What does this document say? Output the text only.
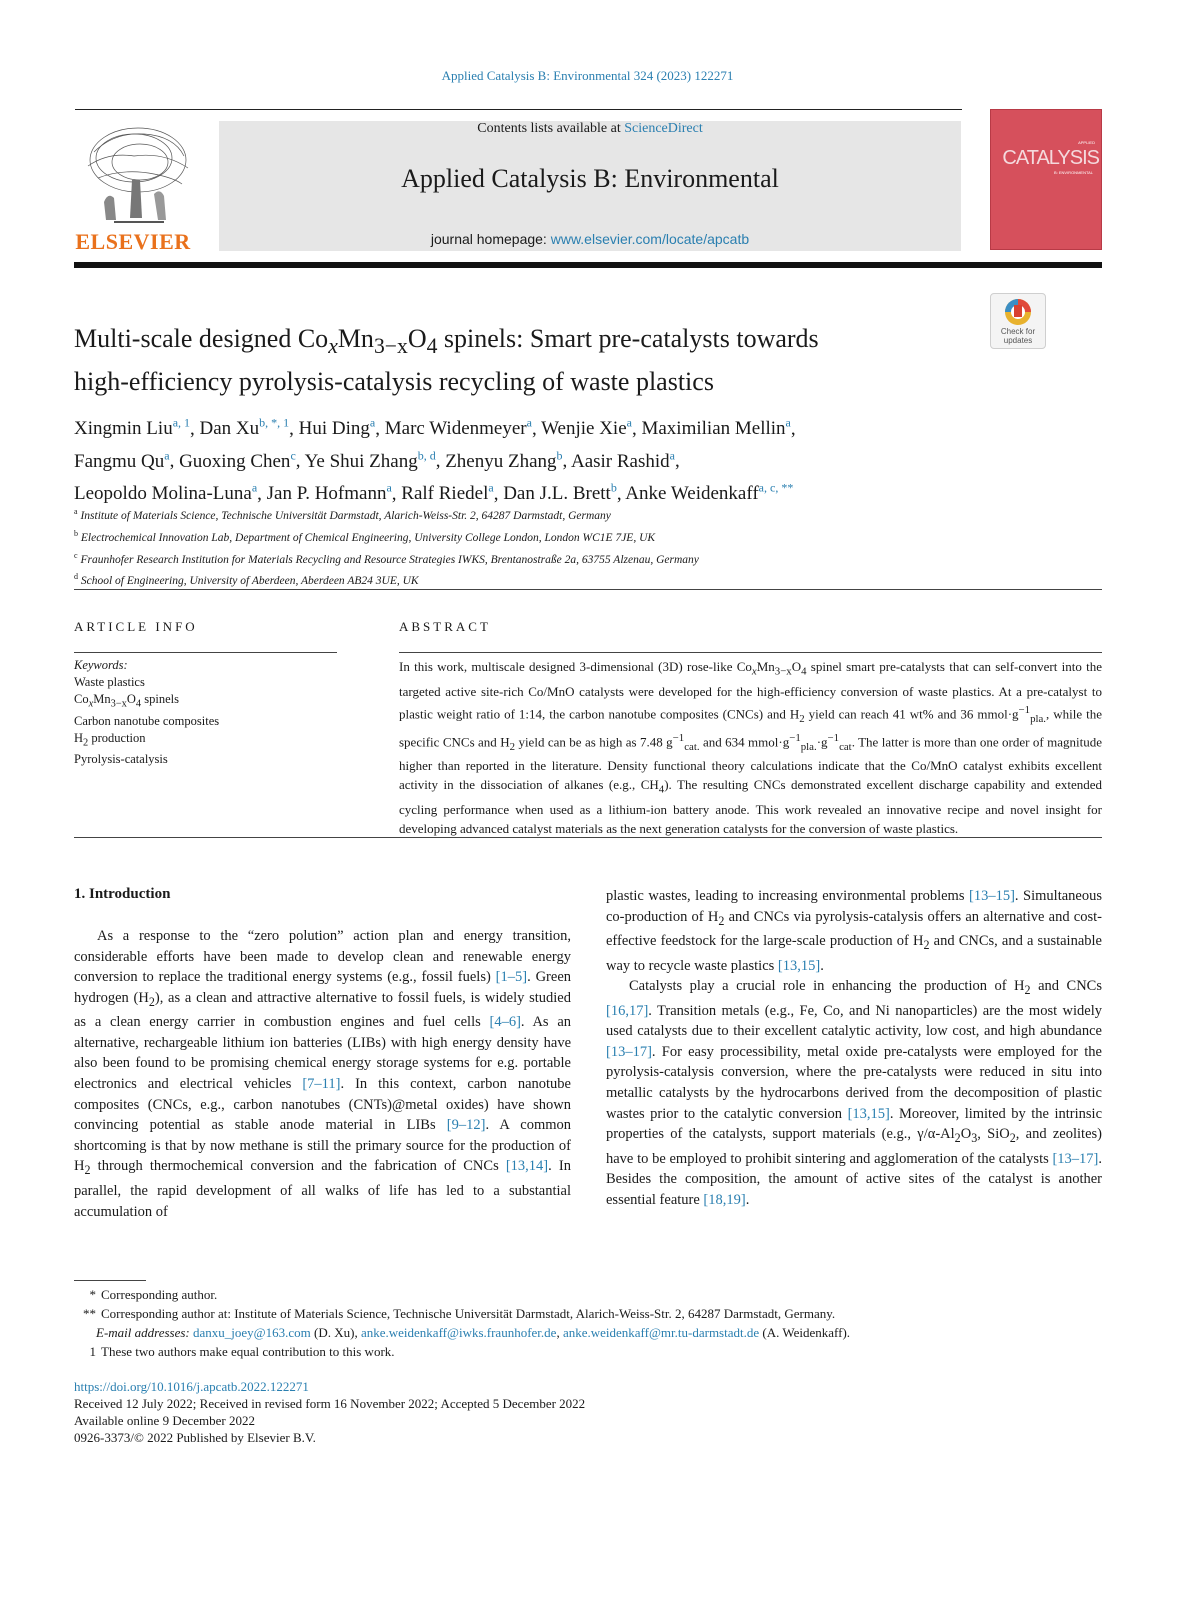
Applied Catalysis B: Environmental 324 (2023) 122271
ELSEVIER
Contents lists available at ScienceDirect
Applied Catalysis B: Environmental
journal homepage: www.elsevier.com/locate/apcatb
APPLIED
CATALYSIS
B: ENVIRONMENTAL
Multi-scale designed $Co_xMn_{3-x}O_4$ spinels: Smart pre-catalysts towards
high-efficiency pyrolysis-catalysis recycling of waste plastics
Check for updates
Xingmin Liu$^{a, 1}$, Dan $Xu^{b, *, 1}$, Hui Ding$^a$, Marc Widenmeyer$^a$, Wenjie Xie$^a$, Maximilian Mellin$^a$,
Fangmu Qu$^a$, Guoxing Chen$^c$, Ye Shui Zhang$^{b, d}$, Zhenyu Zhang$^b$, Aasir Rashid$^a$,
Leopoldo Molina-Luna$^a$, Jan P. Hofmann$^a$, Ralf Riedel$^a$, Dan J.L. Brett$^b$, Anke Weidenkaff$^{a, c, **}$
$^a$ Institute of Materials Science, Technische Universität Darmstadt, Alarich-Weiss-Str. 2, 64287 Darmstadt, Germany
$^b$ Electrochemical Innovation Lab, Department of Chemical Engineering, University College London, London WC1E 7JE, UK
$^c$ Fraunhofer Research Institution for Materials Recycling and Resource Strategies IWKS, Brentanostraße 2a, 63755 Alzenau, Germany
$^d$ School of Engineering, University of Aberdeen, Aberdeen AB24 3UE, UK
ARTICLE INFO	ABSTRACT
Keywords:
Waste plastics
$Co_xMn_{3-x}O_4$ spinels
Carbon nanotube composites
$H_2$ production
Pyrolysis-catalysis
In this work, multiscale designed 3-dimensional (3D) rose-like $Co_xMn_{3-x}O_4$ spinel smart pre-catalysts that can self-convert into the targeted active site-rich Co/MnO catalysts were developed for the high-efficiency conversion of waste plastics. At a pre-catalyst to plastic weight ratio of 1:14, the carbon nanotube composites (CNCs) and $H_2$ yield can reach 41 wt% and 36 $mmol\cdot g^{-1}_{pla.}$, while the specific CNCs and $H_2$ yield can be as high as 7.48 $g^{-1}_{cat.}$ and 634 $mmol\cdot g^{-1}_{pla.}\cdot g^{-1}_{cat}$. The latter is more than one order of magnitude higher than reported in the literature. Density functional theory calculations indicate that the Co/MnO catalyst exhibits excellent activity in the dissociation of alkanes (e.g., $CH_4$). The resulting CNCs demonstrated excellent discharge capability and extended cycling performance when used as a lithium-ion battery anode. This work revealed an innovative recipe and novel insight for developing advanced catalyst materials as the next generation catalysts for the conversion of waste plastics.
1. Introduction

As a response to the “zero polution” action plan and energy transition, considerable efforts have been made to develop clean and renewable energy conversion to replace the traditional energy systems (e.g., fossil fuels) [1–5]. Green hydrogen $(H_2)$, as a clean and attractive alternative to fossil fuels, is widely studied as a clean energy carrier in combustion engines and fuel cells [4–6]. As an alternative, rechargeable lithium ion batteries (LIBs) with high energy density have also been found to be promising chemical energy storage systems for e.g. portable electronics and electrical vehicles [7–11]. In this context, carbon nanotube composites (CNCs, e.g., carbon nanotubes (CNTs)@metal oxides) have shown convincing potential as stable anode material in LIBs [9–12]. A common shortcoming is that by now methane is still the primary source for the production of $H_2$ through thermochemical conversion and the fabrication of CNCs [13,14]. In parallel, the rapid development of all walks of life has led to a substantial accumulation of

plastic wastes, leading to increasing environmental problems [13–15]. Simultaneous co-production of $H_2$ and CNCs via pyrolysis-catalysis offers an alternative and cost-effective feedstock for the large-scale production of $H_2$ and CNCs, and a sustainable way to recycle waste plastics [13,15].

Catalysts play a crucial role in enhancing the production of $H_2$ and CNCs [16,17]. Transition metals (e.g., Fe, Co, and Ni nanoparticles) are the most widely used catalysts due to their excellent catalytic activity, low cost, and high abundance [13–17]. For easy processibility, metal oxide pre-catalysts were employed for the pyrolysis-catalysis conversion, where the pre-catalysts were reduced in situ into metallic catalysts by the hydrocarbons derived from the decomposition of plastic wastes prior to the catalytic conversion [13,15]. Moreover, limited by the intrinsic properties of the catalysts, support materials (e.g., $\gamma/\alpha-Al_2O_3$, SiO$_2$, and zeolites) have to be employed to prohibit sintering and agglomeration of the catalysts [13–17]. Besides the composition, the amount of active sites of the catalyst is another essential feature [18,19].

* Corresponding author.
** Corresponding author at: Institute of Materials Science, Technische Universität Darmstadt, Alarich-Weiss-Str. 2, 64287 Darmstadt, Germany.
E-mail addresses: danxu_joey@163.com (D. Xu), anke.weidenkaff@iwks.fraunhofer.de, anke.weidenkaff@mr.tu-darmstadt.de (A. Weidenkaff).
1 These two authors make equal contribution to this work.
https://doi.org/10.1016/j.apcatb.2022.122271
Received 12 July 2022; Received in revised form 16 November 2022; Accepted 5 December 2022
Available online 9 December 2022
0926-3373/© 2022 Published by Elsevier B.V.
